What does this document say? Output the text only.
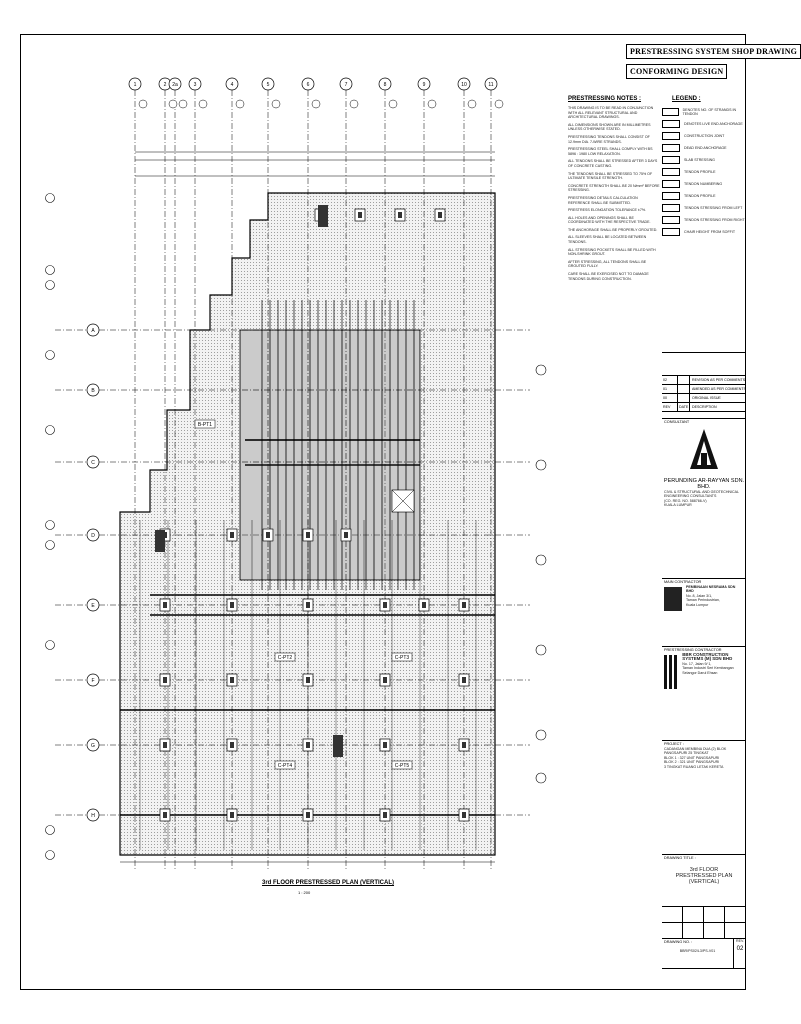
1	2 2a	3	4	5	6	7	8	9	10	11
A
B
C
D
E
F
G
H
B-PT1
C-PT2	C-PT3
C-PT4	C-PT5
3rd FLOOR PRESTRESSED PLAN (VERTICAL)
1 : 200
PRESTRESSING SYSTEM SHOP DRAWING
CONFORMING DESIGN
PRESTRESSING NOTES :
THIS DRAWING IS TO BE READ IN CONJUNCTION WITH ALL RELEVANT STRUCTURAL AND ARCHITECTURAL DRAWINGS.
ALL DIMENSIONS SHOWN ARE IN MILLIMETRES UNLESS OTHERWISE STATED.
PRESTRESSING TENDONS SHALL CONSIST OF 12.9mm DIA. 7-WIRE STRANDS.
PRESTRESSING STEEL SHALL COMPLY WITH BS 5896 : 1980 LOW RELAXATION.
ALL TENDONS SHALL BE STRESSED AFTER 3 DAYS OF CONCRETE CASTING.
THE TENDONS SHALL BE STRESSED TO 75% OF ULTIMATE TENSILE STRENGTH.
CONCRETE STRENGTH SHALL BE 20 N/mm² BEFORE STRESSING.
PRESTRESSING DETAILS CALCULATION REFERENCE SHALL BE SUBMITTED.
PRESTRESS ELONGATION TOLERANCE ±7%.
ALL HOLES AND OPENINGS SHALL BE COORDINATED WITH THE RESPECTIVE TRADE.
THE ANCHORAGE SHALL BE PROPERLY GROUTED.
ALL SLEEVES SHALL BE LOCATED BETWEEN TENDONS.
ALL STRESSING POCKETS SHALL BE FILLED WITH NON-SHRINK GROUT.
AFTER STRESSING, ALL TENDONS SHALL BE GROUTED FULLY.
CARE SHALL BE EXERCISED NOT TO DAMAGE TENDONS DURING CONSTRUCTION.
LEGEND :
DENOTES NO. OF STRANDS IN TENDON
DENOTES LIVE END ANCHORAGE
CONSTRUCTION JOINT
DEAD END ANCHORAGE
SLAB STRESSING
TENDON PROFILE
TENDON NUMBERING
TENDON PROFILE
TENDON STRESSING FROM LEFT
TENDON STRESSING FROM RIGHT
CHAIR HEIGHT FROM SOFFIT
02	REVISION AS PER COMMENTS
01	AMENDED AS PER COMMENTS
00	ORIGINAL ISSUE
REV	DATE	DESCRIPTION
CONSULTANT
PERUNDING AR-RAYYAN SDN. BHD.
CIVIL & STRUCTURAL AND GEOTECHNICAL ENGINEERING CONSULTANTS
(CO. REG. NO. 588766-V)
KUALA LUMPUR
MAIN CONTRACTOR
PEMBINAAN NESRAMA SDN BHD
No. 8, Jalan 3/1,
Taman Perindustrian,
Kuala Lumpur
PRESTRESSING CONTRACTOR
BBR CONSTRUCTION SYSTEMS (M) SDN BHD
No. 17, Jalan 9/ 1,
Taman Industri Seri Kembangan
Selangor Darul Ehsan
PROJECT :
CADANGAN MEMBINA DUA (2) BLOK PANGSAPURI 25 TINGKAT
BLOK 1 : 327 UNIT PANGSAPURI
BLOK 2 : 321 UNIT PANGSAPURI
3 TINGKAT RUANG LETAK KERETA
DRAWING TITLE :
3rd FLOOR
PRESTRESSED PLAN (VERTICAL)
DRAWING NO. :
BBR/PS02/L3/PS-V01
REV.
02
